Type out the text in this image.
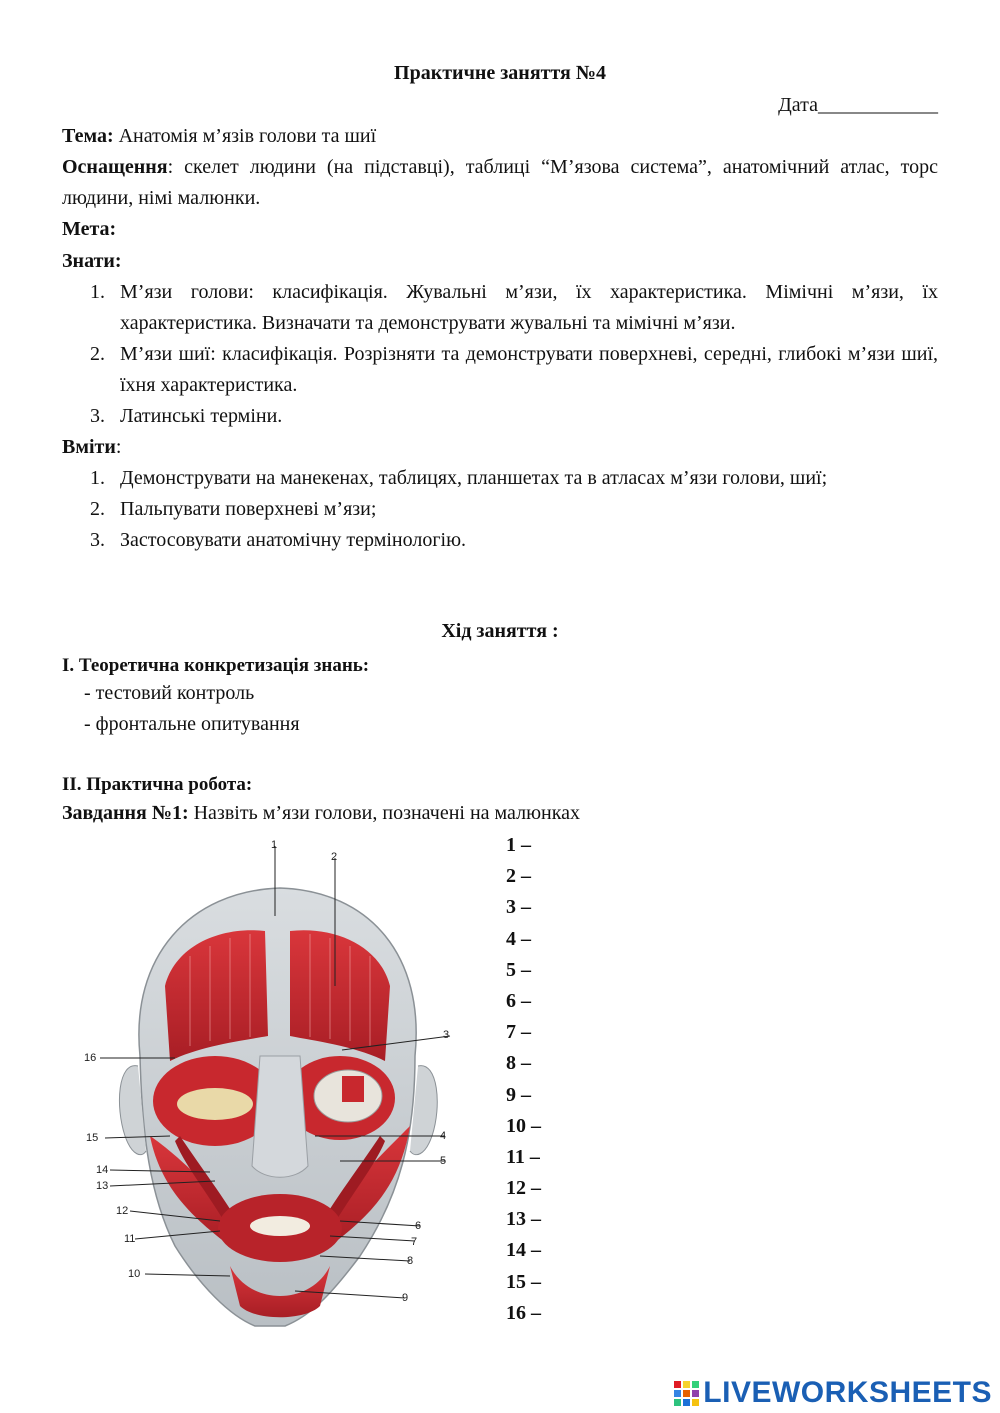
Практичне заняття №4
Дата____________
Тема: Анатомія м’язів голови та шиї
Оснащення: скелет людини (на підставці), таблиці “М’язова система”, анатомічний атлас, торс людини, німі малюнки.
Мета:
Знати:
1. М’язи голови: класифікація. Жувальні м’язи, їх характеристика. Мімічні м’язи, їх характеристика. Визначати та демонструвати жувальні та мімічні м’язи.
2. М’язи шиї: класифікація. Розрізняти та демонструвати поверхневі, середні, глибокі м’язи шиї, їхня характеристика.
3. Латинські терміни.
Вміти:
1. Демонструвати на манекенах, таблицях, планшетах та в атласах м’язи голови, шиї;
2. Пальпувати поверхневі м’язи;
3. Застосовувати анатомічну термінологію.
Хід заняття :
І. Теоретична конкретизація знань:
- тестовий контроль
- фронтальне опитування
ІІ. Практична робота:
Завдання №1: Назвіть м’язи голови, позначені на малюнках
1
2
3
4
5
6
7
8
9
10
11
12
13
14
15
16
1 –
2 –
3 –
4 –
5 –
6 –
7 –
8 –
9 –
10 –
11 –
12 –
13 –
14 –
15 –
16 –
LIVEWORKSHEETS
